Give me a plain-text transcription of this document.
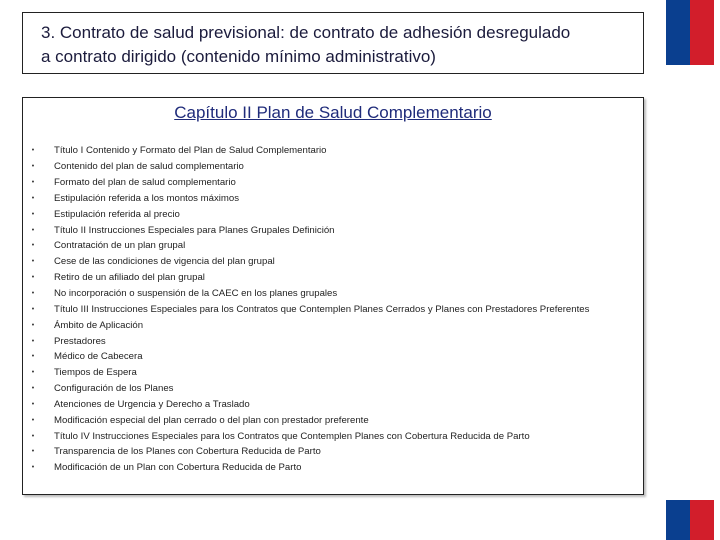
3. Contrato de salud previsional: de contrato de adhesión desregulado

a contrato dirigido (contenido mínimo administrativo)

Capítulo II Plan de Salud Complementario
•	Título I Contenido y Formato del Plan de Salud Complementario
•	Contenido del plan de salud complementario
•	Formato del plan de salud complementario
•	Estipulación referida a los montos máximos
•	Estipulación referida al precio
•	Título II Instrucciones Especiales para Planes Grupales Definición
•	Contratación de un plan grupal
•	Cese de las condiciones de vigencia del plan grupal
•	Retiro de un afiliado del plan grupal
•	No incorporación o suspensión de la CAEC en los planes grupales
•	Título III Instrucciones Especiales para los Contratos que Contemplen Planes Cerrados y Planes con Prestadores Preferentes
•	Ámbito de Aplicación
•	Prestadores
•	Médico de Cabecera
•	Tiempos de Espera
•	Configuración de los Planes
•	Atenciones de Urgencia y Derecho a Traslado
•	Modificación especial del plan cerrado o del plan con prestador preferente
•	Título IV Instrucciones Especiales para los Contratos que Contemplen Planes con Cobertura Reducida de Parto
•	Transparencia de los Planes con Cobertura Reducida de Parto
•	Modificación de un Plan con Cobertura Reducida de Parto
